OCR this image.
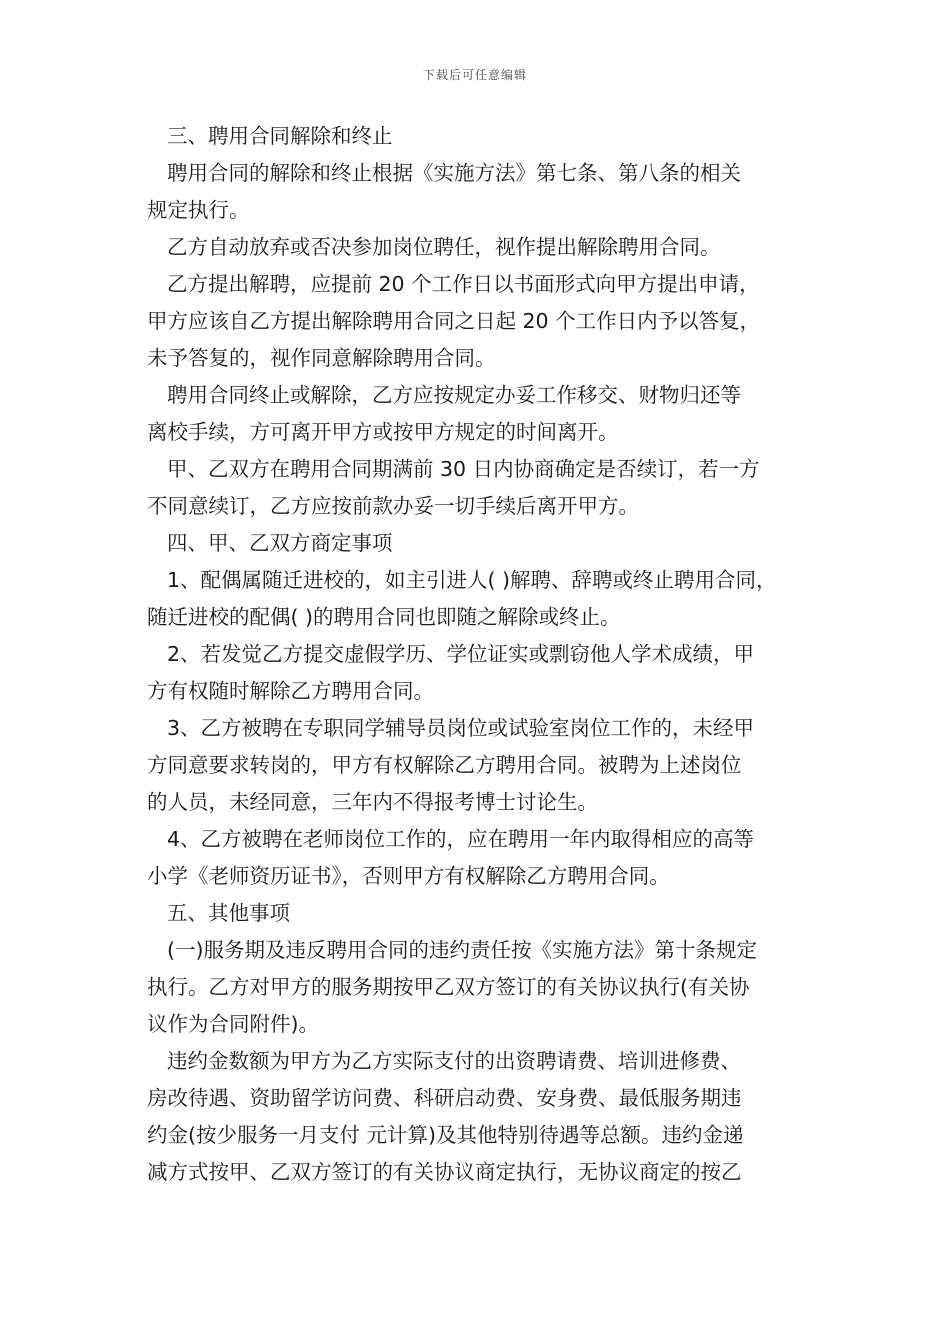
下载后可任意编辑
三、聘用合同解除和终止
聘用合同的解除和终止根据《实施方法》第七条、第八条的相关
规定执行。
乙方自动放弃或否决参加岗位聘任，视作提出解除聘用合同。
乙方提出解聘，应提前 20 个工作日以书面形式向甲方提出申请，
甲方应该自乙方提出解除聘用合同之日起 20 个工作日内予以答复，
未予答复的，视作同意解除聘用合同。
聘用合同终止或解除，乙方应按规定办妥工作移交、财物归还等
离校手续，方可离开甲方或按甲方规定的时间离开。
甲、乙双方在聘用合同期满前 30 日内协商确定是否续订，若一方
不同意续订，乙方应按前款办妥一切手续后离开甲方。
四、甲、乙双方商定事项
1、配偶属随迁进校的，如主引进人( )解聘、辞聘或终止聘用合同，
随迁进校的配偶( )的聘用合同也即随之解除或终止。
2、若发觉乙方提交虚假学历、学位证实或剽窃他人学术成绩，甲
方有权随时解除乙方聘用合同。
3、乙方被聘在专职同学辅导员岗位或试验室岗位工作的，未经甲
方同意要求转岗的，甲方有权解除乙方聘用合同。被聘为上述岗位
的人员，未经同意，三年内不得报考博士讨论生。
4、乙方被聘在老师岗位工作的，应在聘用一年内取得相应的高等
小学《老师资历证书》，否则甲方有权解除乙方聘用合同。
五、其他事项
(一)服务期及违反聘用合同的违约责任按《实施方法》第十条规定
执行。乙方对甲方的服务期按甲乙双方签订的有关协议执行(有关协
议作为合同附件)。
违约金数额为甲方为乙方实际支付的出资聘请费、培训进修费、
房改待遇、资助留学访问费、科研启动费、安身费、最低服务期违
约金(按少服务一月支付 元计算)及其他特别待遇等总额。违约金递
减方式按甲、乙双方签订的有关协议商定执行，无协议商定的按乙
